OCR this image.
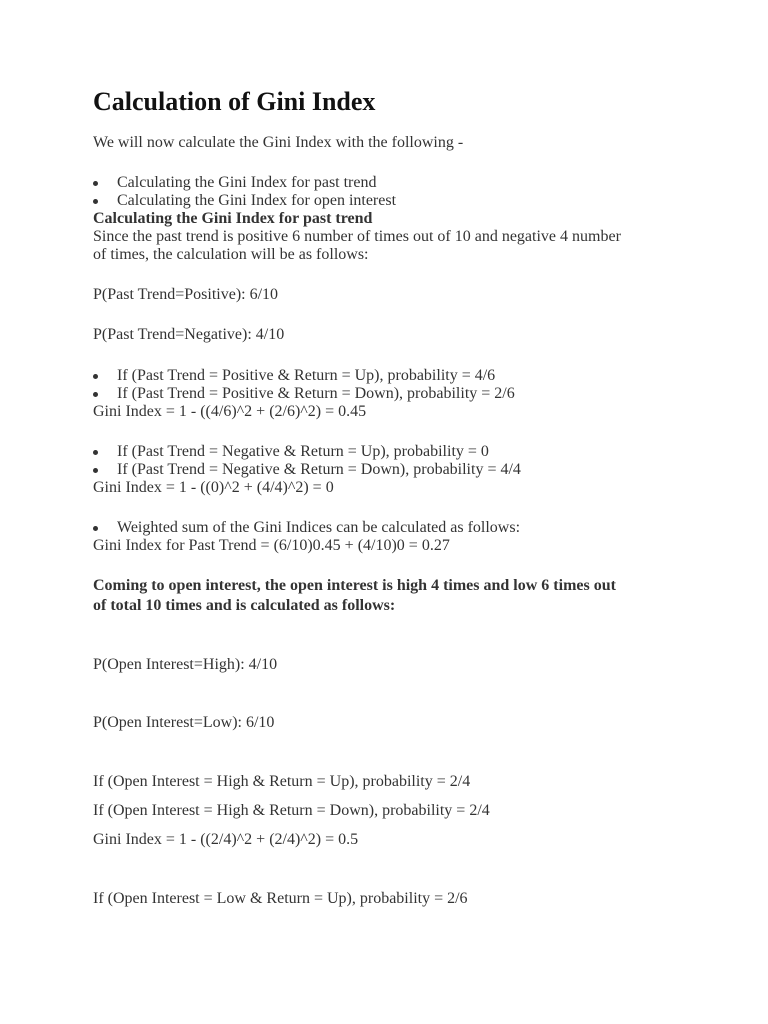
Calculation of Gini Index

We will now calculate the Gini Index with the following -

Calculating the Gini Index for past trend

Calculating the Gini Index for open interest

Calculating the Gini Index for past trend

Since the past trend is positive 6 number of times out of 10 and negative 4 number

of times, the calculation will be as follows:

P(Past Trend=Positive): 6/10

P(Past Trend=Negative): 4/10

If (Past Trend = Positive & Return = Up), probability = 4/6

If (Past Trend = Positive & Return = Down), probability = 2/6

Gini Index = 1 - ((4/6)^2 + (2/6)^2) = 0.45

If (Past Trend = Negative & Return = Up), probability = 0

If (Past Trend = Negative & Return = Down), probability = 4/4

Gini Index = 1 - ((0)^2 + (4/4)^2) = 0

Weighted sum of the Gini Indices can be calculated as follows:

Gini Index for Past Trend = (6/10)0.45 + (4/10)0 = 0.27

Coming to open interest, the open interest is high 4 times and low 6 times out

of total 10 times and is calculated as follows:

P(Open Interest=High): 4/10

P(Open Interest=Low): 6/10

If (Open Interest = High & Return = Up), probability = 2/4

If (Open Interest = High & Return = Down), probability = 2/4

Gini Index = 1 - ((2/4)^2 + (2/4)^2) = 0.5

If (Open Interest = Low & Return = Up), probability = 2/6
